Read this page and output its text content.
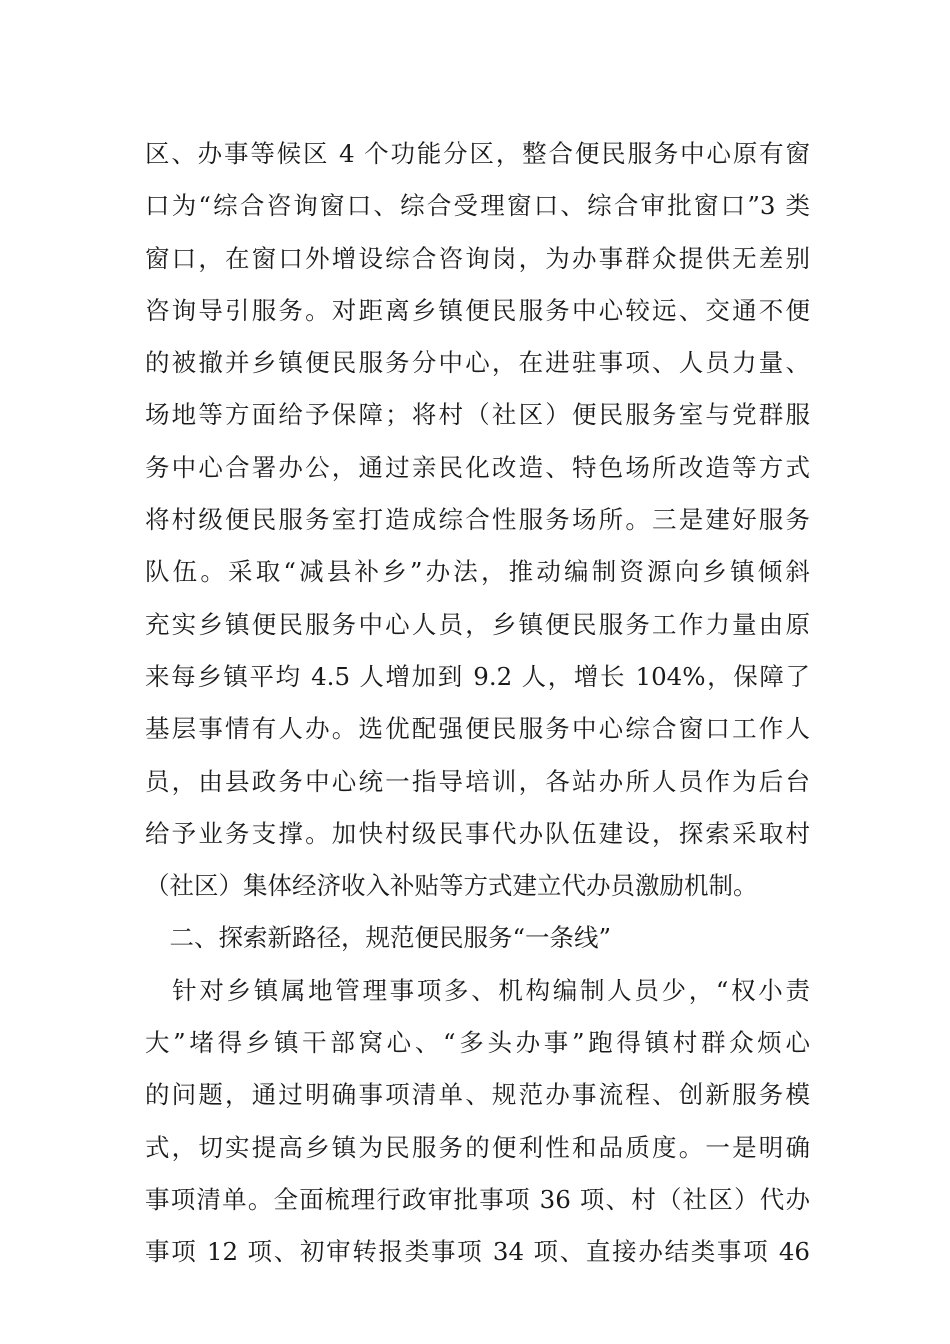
区、办事等候区 4 个功能分区，整合便民服务中心原有窗
口为“综合咨询窗口、综合受理窗口、综合审批窗口”3 类
窗口，在窗口外增设综合咨询岗，为办事群众提供无差别
咨询导引服务。对距离乡镇便民服务中心较远、交通不便
的被撤并乡镇便民服务分中心，在进驻事项、人员力量、
场地等方面给予保障；将村（社区）便民服务室与党群服
务中心合署办公，通过亲民化改造、特色场所改造等方式
将村级便民服务室打造成综合性服务场所。三是建好服务
队伍。采取“减县补乡”办法，推动编制资源向乡镇倾斜
充实乡镇便民服务中心人员，乡镇便民服务工作力量由原
来每乡镇平均 4.5 人增加到 9.2 人，增长 104%，保障了
基层事情有人办。选优配强便民服务中心综合窗口工作人
员，由县政务中心统一指导培训，各站办所人员作为后台
给予业务支撑。加快村级民事代办队伍建设，探索采取村
（社区）集体经济收入补贴等方式建立代办员激励机制。
　二、探索新路径，规范便民服务“一条线”
　针对乡镇属地管理事项多、机构编制人员少，“权小责
大”堵得乡镇干部窝心、“多头办事”跑得镇村群众烦心
的问题，通过明确事项清单、规范办事流程、创新服务模
式，切实提高乡镇为民服务的便利性和品质度。一是明确
事项清单。全面梳理行政审批事项 36 项、村（社区）代办
事项 12 项、初审转报类事项 34 项、直接办结类事项 46
